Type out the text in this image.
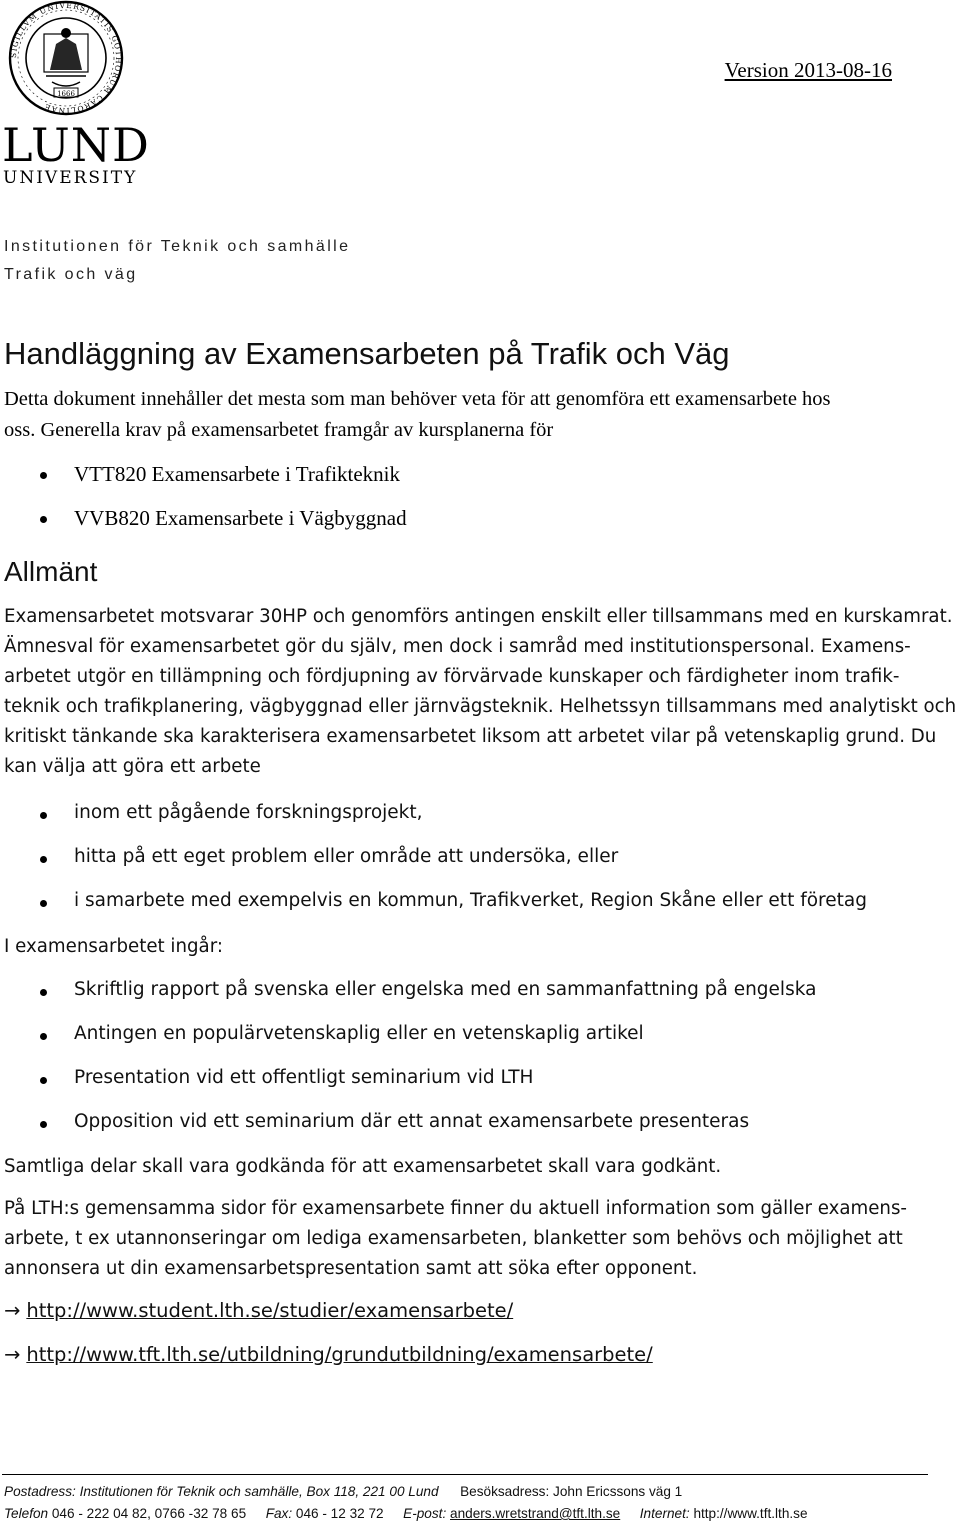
1666
SIGILLVM UNIVERSITATIS GOTHORUM CAROLINAE
LUND
UNIVERSITY
Version 2013-08-16
Institutionen för Teknik och samhälle
Trafik och väg
Handläggning av Examensarbeten på Trafik och Väg
Detta dokument innehåller det mesta som man behöver veta för att genomföra ett examensarbete hos
oss. Generella krav på examensarbetet framgår av kursplanerna för
VTT820 Examensarbete i Trafikteknik
VVB820 Examensarbete i Vägbyggnad
Allmänt
Examensarbetet motsvarar 30HP och genomförs antingen enskilt eller tillsammans med en kurskamrat.
Ämnesval för examensarbetet gör du själv, men dock i samråd med institutionspersonal. Examens-
arbetet utgör en tillämpning och fördjupning av förvärvade kunskaper och färdigheter inom trafik-
teknik och trafikplanering, vägbyggnad eller järnvägsteknik. Helhetssyn tillsammans med analytiskt och
kritiskt tänkande ska karakterisera examensarbetet liksom att arbetet vilar på vetenskaplig grund. Du
kan välja att göra ett arbete
inom ett pågående forskningsprojekt,
hitta på ett eget problem eller område att undersöka, eller
i samarbete med exempelvis en kommun, Trafikverket, Region Skåne eller ett företag
I examensarbetet ingår:
Skriftlig rapport på svenska eller engelska med en sammanfattning på engelska
Antingen en populärvetenskaplig eller en vetenskaplig artikel
Presentation vid ett offentligt seminarium vid LTH
Opposition vid ett seminarium där ett annat examensarbete presenteras
Samtliga delar skall vara godkända för att examensarbetet skall vara godkänt.
På LTH:s gemensamma sidor för examensarbete finner du aktuell information som gäller examens-
arbete, t ex utannonseringar om lediga examensarbeten, blanketter som behövs och möjlighet att
annonsera ut din examensarbetspresentation samt att söka efter opponent.
→ http://www.student.lth.se/studier/examensarbete/
→ http://www.tft.lth.se/utbildning/grundutbildning/examensarbete/
Postadress: Institutionen för Teknik och samhälle, Box 118, 221 00 Lund Besöksadress: John Ericssons väg 1
Telefon 046 - 222 04 82, 0766 -32 78 65 Fax: 046 - 12 32 72 E-post: anders.wretstrand@tft.lth.se Internet: http://www.tft.lth.se
